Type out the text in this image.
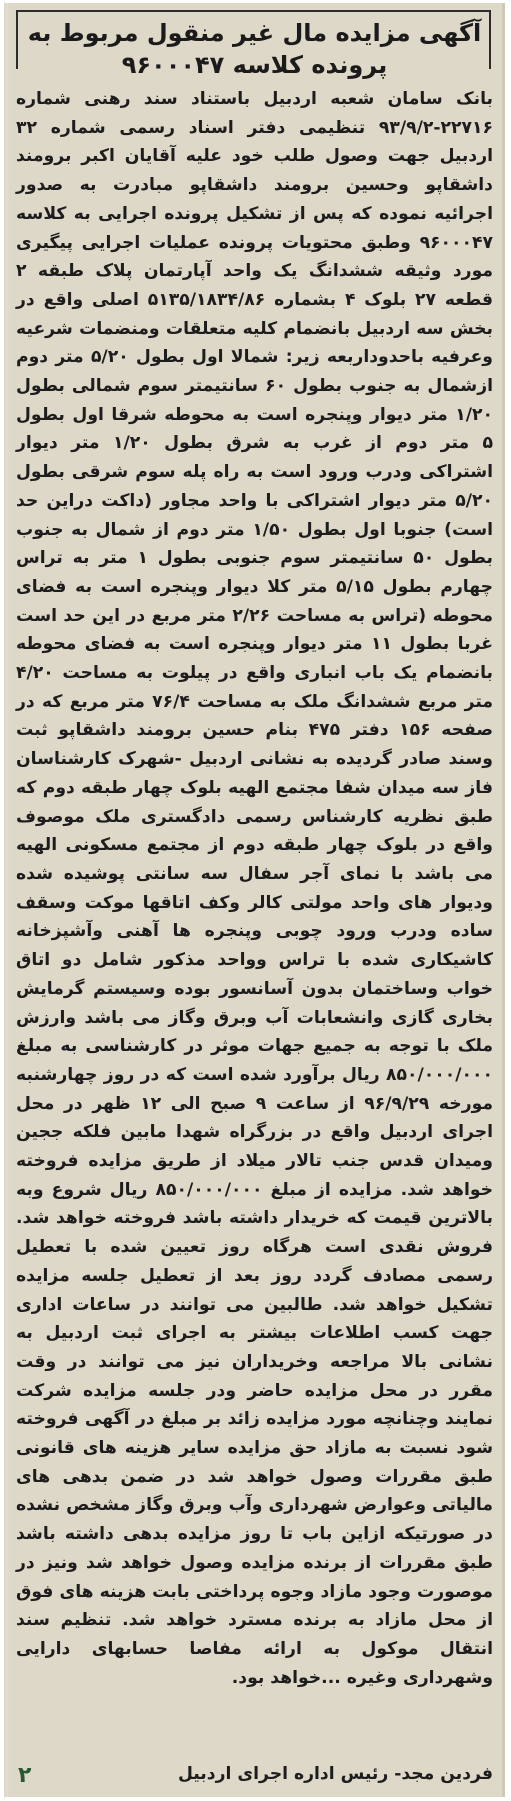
آگهی مزایده مال غیر منقول مربوط به پرونده کلاسه ۹۶۰۰۰۴۷

بانک سامان شعبه اردبیل باستناد سند رهنی شماره ۲۲۷۱۶-۹۳/۹/۲ تنظیمی دفتر اسناد رسمی شماره ۳۲ اردبیل جهت وصول طلب خود علیه آقایان اکبر برومند داشقاپو وحسین برومند داشقاپو مبادرت به صدور اجرائیه نموده که پس از تشکیل پرونده اجرایی به کلاسه ۹۶۰۰۰۴۷ وطبق محتویات پرونده عملیات اجرایی پیگیری مورد وثیقه ششدانگ یک واحد آپارتمان پلاک طبقه ۲ قطعه ۲۷ بلوک ۴ بشماره ۵۱۳۵/۱۸۳۴/۸۶ اصلی واقع در بخش سه اردبیل بانضمام کلیه متعلقات ومنضمات شرعیه وعرفیه باحدوداربعه زیر: شمالا اول بطول ۵/۲۰ متر دوم ازشمال به جنوب بطول ۶۰ سانتیمتر سوم شمالی بطول ۱/۲۰ متر دیوار وپنجره است به محوطه شرقا اول بطول ۵ متر دوم از غرب به شرق بطول ۱/۲۰ متر دیوار اشتراکی ودرب ورود است به راه پله سوم شرقی بطول ۵/۲۰ متر دیوار اشتراکی با واحد مجاور (داکت دراین حد است) جنوبا اول بطول ۱/۵۰ متر دوم از شمال به جنوب بطول ۵۰ سانتیمتر سوم جنوبی بطول ۱ متر به تراس چهارم بطول ۵/۱۵ متر کلا دیوار وپنجره است به فضای محوطه (تراس به مساحت ۲/۲۶ متر مربع در این حد است غربا بطول ۱۱ متر دیوار وپنجره است به فضای محوطه بانضمام یک باب انباری واقع در پیلوت به مساحت ۴/۲۰ متر مربع ششدانگ ملک به مساحت ۷۶/۴ متر مربع که در صفحه ۱۵۶ دفتر ۴۷۵ بنام حسین برومند داشقاپو ثبت وسند صادر گردیده به نشانی اردبیل -شهرک کارشناسان فاز سه میدان شفا مجتمع الهیه بلوک چهار طبقه دوم که طبق نظریه کارشناس رسمی دادگستری ملک موصوف واقع در بلوک چهار طبقه دوم از مجتمع مسکونی الهیه می باشد با نمای آجر سفال سه سانتی پوشیده شده ودیوار های واحد مولتی کالر وکف اتاقها موکت وسقف ساده ودرب ورود چوبی وپنجره ها آهنی وآشپزخانه کاشیکاری شده با تراس وواحد مذکور شامل دو اتاق خواب وساختمان بدون آسانسور بوده وسیستم گرمایش بخاری گازی وانشعابات آب وبرق وگاز می باشد وارزش ملک با توجه به جمیع جهات موثر در کارشناسی به مبلغ ۸۵۰/۰۰۰/۰۰۰ ریال برآورد شده است که در روز چهارشنبه مورخه ۹۶/۹/۲۹ از ساعت ۹ صبح الی ۱۲ ظهر در محل اجرای اردبیل واقع در بزرگراه شهدا مابین فلکه ججین ومیدان قدس جنب تالار میلاد از طریق مزایده فروخته خواهد شد. مزایده از مبلغ ۸۵۰/۰۰۰/۰۰۰ ریال شروع وبه بالاترین قیمت که خریدار داشته باشد فروخته خواهد شد. فروش نقدی است هرگاه روز تعیین شده با تعطیل رسمی مصادف گردد روز بعد از تعطیل جلسه مزایده تشکیل خواهد شد. طالبین می توانند در ساعات اداری جهت کسب اطلاعات بیشتر به اجرای ثبت اردبیل به نشانی بالا مراجعه وخریداران نیز می توانند در وقت مقرر در محل مزایده حاضر ودر جلسه مزایده شرکت نمایند وچنانچه مورد مزایده زائد بر مبلغ در آگهی فروخته شود نسبت به مازاد حق مزایده سایر هزینه های قانونی طبق مقررات وصول خواهد شد در ضمن بدهی های مالیاتی وعوارض شهرداری وآب وبرق وگاز مشخص نشده در صورتیکه ازاین باب تا روز مزایده بدهی داشته باشد طبق مقررات از برنده مزایده وصول خواهد شد ونیز در موصورت وجود مازاد وجوه پرداختی بابت هزینه های فوق از محل مازاد به برنده مسترد خواهد شد. تنظیم سند انتقال موکول به ارائه مفاصا حسابهای دارایی وشهرداری وغیره ...خواهد بود.

فردین مجد- رئیس اداره اجرای اردبیل

۲
